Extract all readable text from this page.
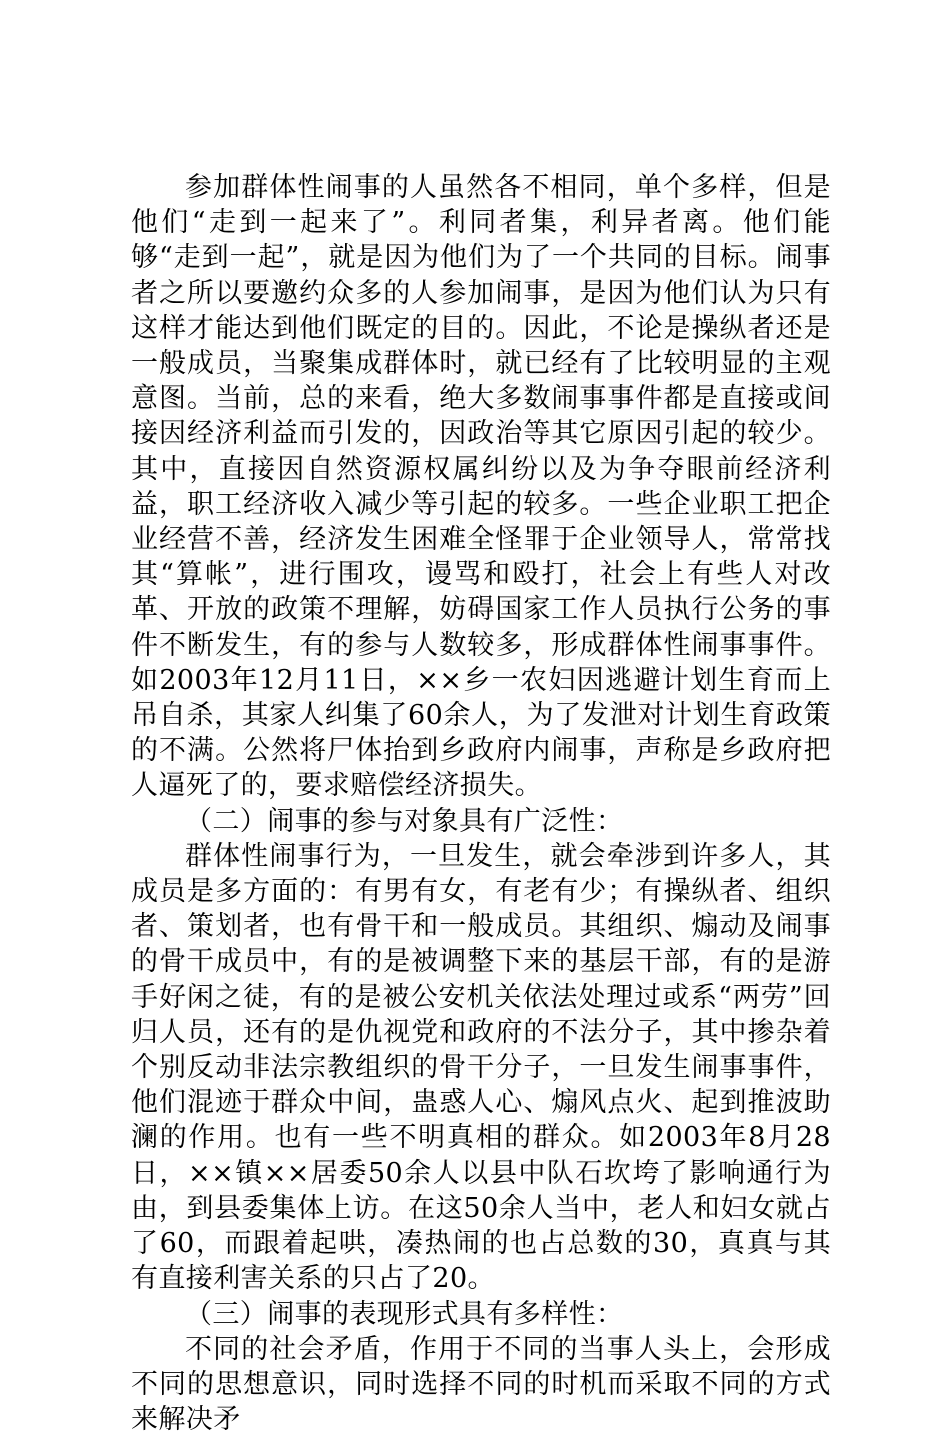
参加群体性闹事的人虽然各不相同，单个多样，但是他们“走到一起来了”。利同者集，利异者离。他们能够“走到一起”，就是因为他们为了一个共同的目标。闹事者之所以要邀约众多的人参加闹事，是因为他们认为只有这样才能达到他们既定的目的。因此，不论是操纵者还是一般成员，当聚集成群体时，就已经有了比较明显的主观意图。当前，总的来看，绝大多数闹事事件都是直接或间接因经济利益而引发的，因政治等其它原因引起的较少。其中，直接因自然资源权属纠纷以及为争夺眼前经济利益，职工经济收入减少等引起的较多。一些企业职工把企业经营不善，经济发生困难全怪罪于企业领导人，常常找其“算帐”，进行围攻，谩骂和殴打，社会上有些人对改革、开放的政策不理解，妨碍国家工作人员执行公务的事件不断发生，有的参与人数较多，形成群体性闹事事件。如2003年12月11日，××乡一农妇因逃避计划生育而上吊自杀，其家人纠集了60余人，为了发泄对计划生育政策的不满。公然将尸体抬到乡政府内闹事，声称是乡政府把人逼死了的，要求赔偿经济损失。

（二）闹事的参与对象具有广泛性：

群体性闹事行为，一旦发生，就会牵涉到许多人，其成员是多方面的：有男有女，有老有少；有操纵者、组织者、策划者，也有骨干和一般成员。其组织、煽动及闹事的骨干成员中，有的是被调整下来的基层干部，有的是游手好闲之徒，有的是被公安机关依法处理过或系“两劳”回归人员，还有的是仇视党和政府的不法分子，其中掺杂着个别反动非法宗教组织的骨干分子，一旦发生闹事事件，他们混迹于群众中间，蛊惑人心、煽风点火、起到推波助澜的作用。也有一些不明真相的群众。如2003年8月28日，××镇××居委50余人以县中队石坎垮了影响通行为由，到县委集体上访。在这50余人当中，老人和妇女就占了60，而跟着起哄，凑热闹的也占总数的30，真真与其有直接利害关系的只占了20。

（三）闹事的表现形式具有多样性：

不同的社会矛盾，作用于不同的当事人头上，会形成不同的思想意识，同时选择不同的时机而采取不同的方式来解决矛
